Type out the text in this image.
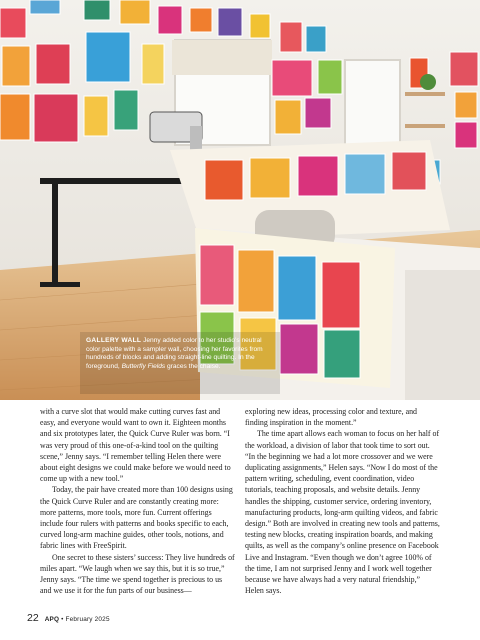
GALLERY WALL Jenny added color to her studio's neutral color palette with a sampler wall, choosing her favorites from hundreds of blocks and adding straight-line quilting. In the foreground, Butterfly Fields graces the chaise.

with a curve slot that would make cutting curves fast and easy, and everyone would want to own it. Eighteen months and six prototypes later, the Quick Curve Ruler was born. “I was very proud of this one-of-a-kind tool on the quilting scene,” Jenny says. “I remember telling Helen there were about eight designs we could make before we would need to come up with a new tool.”

Today, the pair have created more than 100 designs using the Quick Curve Ruler and are constantly creating more: more patterns, more tools, more fun. Current offerings include four rulers with patterns and books specific to each, curved long-arm machine guides, other tools, notions, and fabric lines with FreeSpirit.

One secret to these sisters’ success: They live hundreds of miles apart. “We laugh when we say this, but it is so true,” Jenny says. “The time we spend together is precious to us and we use it for the fun parts of our business—

exploring new ideas, processing color and texture, and finding inspiration in the moment.”

The time apart allows each woman to focus on her half of the workload, a division of labor that took time to sort out. “In the beginning we had a lot more crossover and we were duplicating assignments,” Helen says. “Now I do most of the pattern writing, scheduling, event coordination, video tutorials, teaching proposals, and website details. Jenny handles the shipping, customer service, ordering inventory, manufacturing products, long-arm quilting videos, and fabric design.” Both are involved in creating new tools and patterns, testing new blocks, creating inspiration boards, and making quilts, as well as the company’s online presence on Facebook Live and Instagram. “Even though we don’t agree 100% of the time, I am not surprised Jenny and I work well together because we have always had a very natural friendship,” Helen says.

22 APQ • February 2025
